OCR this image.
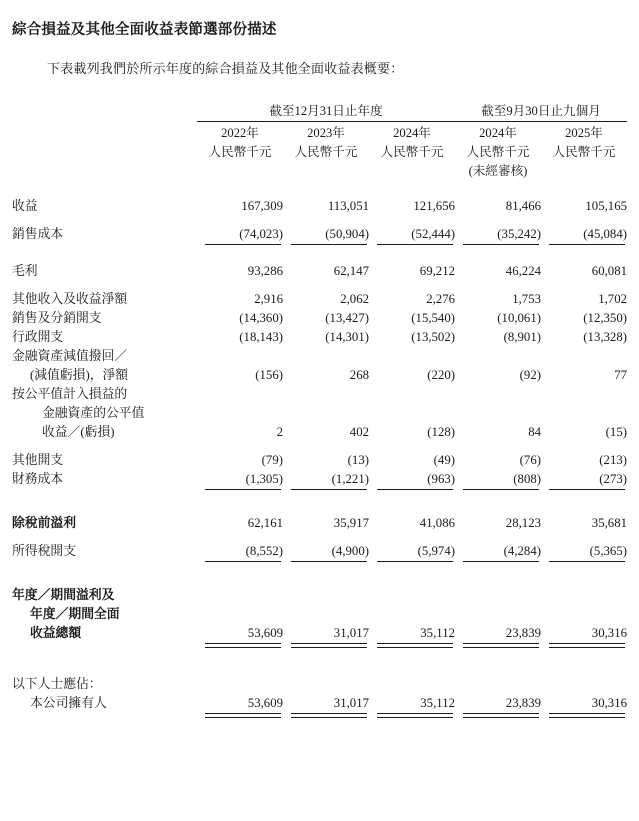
綜合損益及其他全面收益表節選部份描述
下表載列我們於所示年度的綜合損益及其他全面收益表概要：
	截至12月31日止年度			截至9月30日止九個月	

	2022年	2023年	2024年	2024年	2025年
	人民幣千元	人民幣千元	人民幣千元	人民幣千元	人民幣千元
				(未經審核)	

收益	167,309	113,051	121,656	81,466	105,165

銷售成本	(74,023)	(50,904)	(52,444)	(35,242)	(45,084)

毛利	93,286	62,147	69,212	46,224	60,081

其他收入及收益淨額	2,916	2,062	2,276	1,753	1,702
銷售及分銷開支	(14,360)	(13,427)	(15,540)	(10,061)	(12,350)
行政開支	(18,143)	(14,301)	(13,502)	(8,901)	(13,328)
金融資產減值撥回／					
(減值虧損)，淨額	(156)	268	(220)	(92)	77
按公平值計入損益的					
金融資產的公平值					
收益／(虧損)	2	402	(128)	84	(15)

其他開支	(79)	(13)	(49)	(76)	(213)
財務成本	(1,305)	(1,221)	(963)	(808)	(273)

除稅前溢利	62,161	35,917	41,086	28,123	35,681

所得稅開支	(8,552)	(4,900)	(5,974)	(4,284)	(5,365)

年度／期間溢利及					
年度／期間全面					
收益總額	53,609	31,017	35,112	23,839	30,316

以下人士應佔：					
本公司擁有人	53,609	31,017	35,112	23,839	30,316
